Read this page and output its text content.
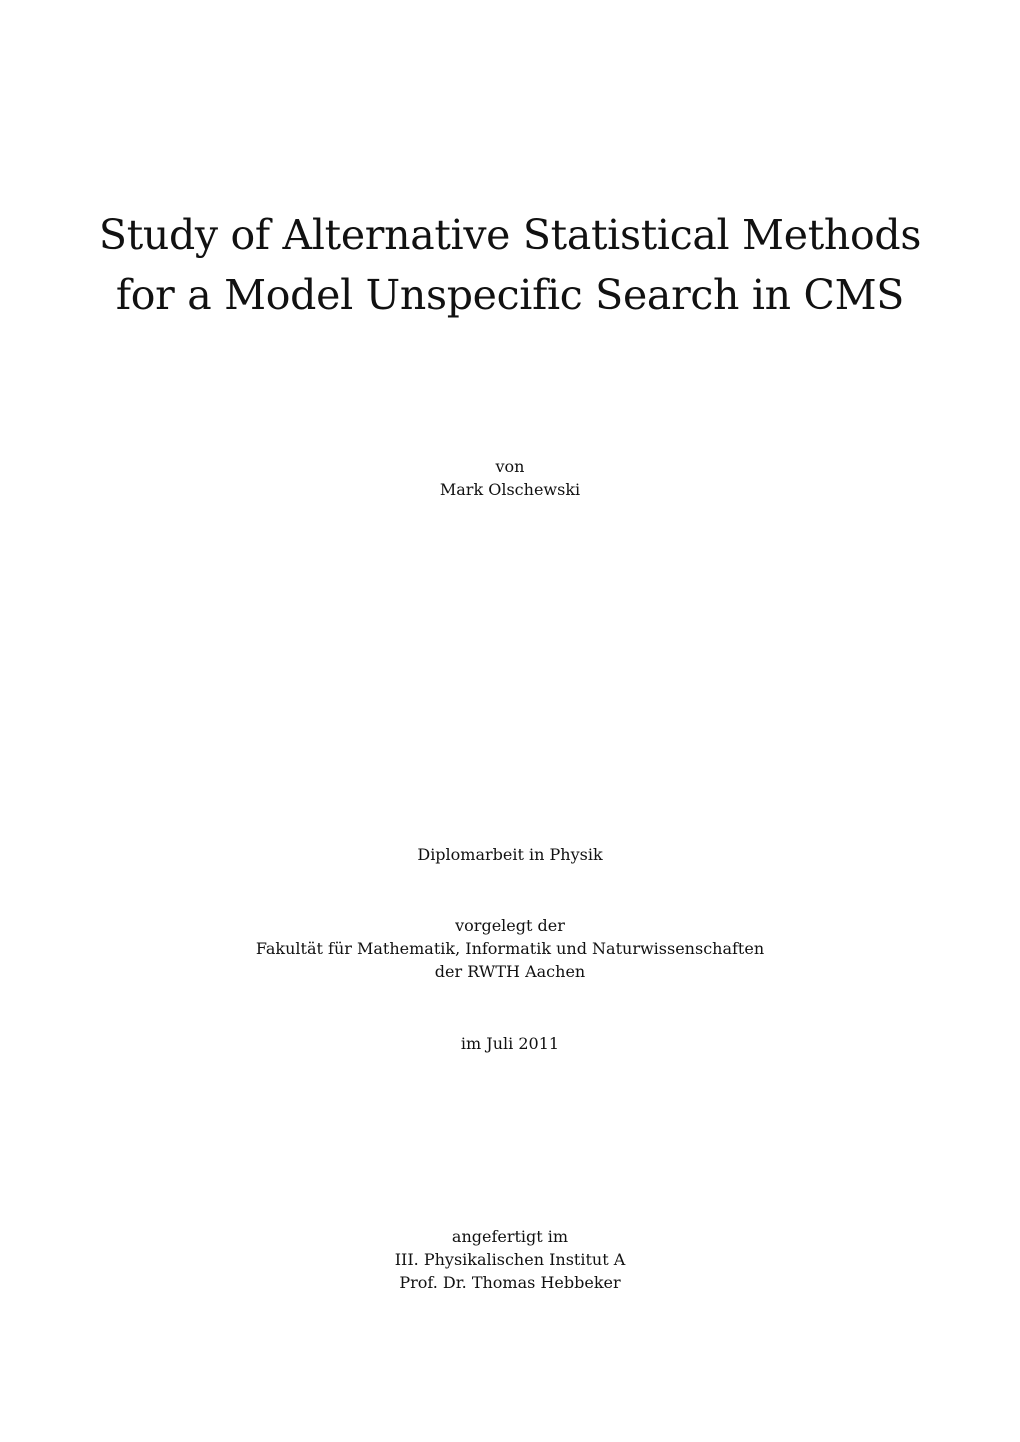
Study of Alternative Statistical Methods
for a Model Unspecific Search in CMS
von
Mark Olschewski
Diplomarbeit in Physik
vorgelegt der
Fakultät für Mathematik, Informatik und Naturwissenschaften
der RWTH Aachen
im Juli 2011
angefertigt im
III. Physikalischen Institut A
Prof. Dr. Thomas Hebbeker
